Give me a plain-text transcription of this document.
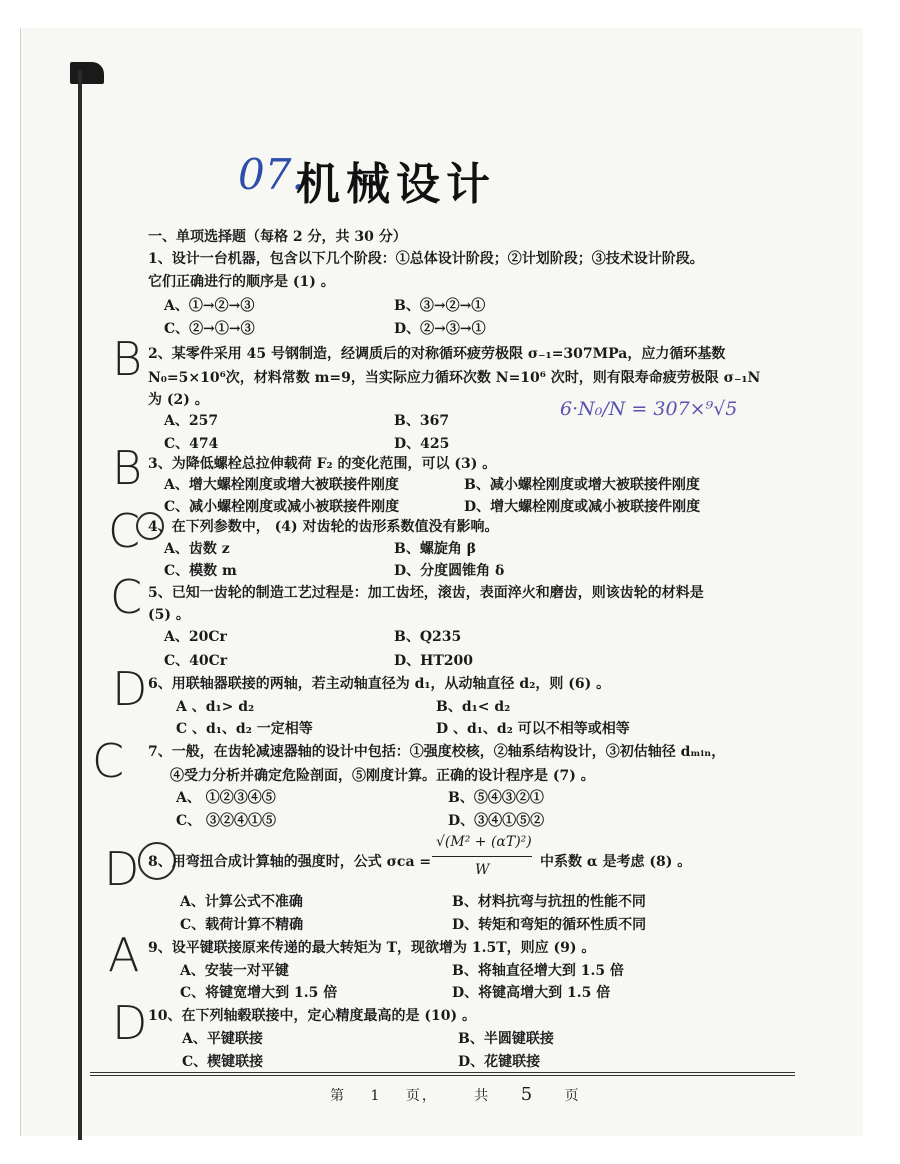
07.
机械设计
一、单项选择题（每格 2 分，共 30 分）
1、设计一台机器，包含以下几个阶段：①总体设计阶段；②计划阶段；③技术设计阶段。
它们正确进行的顺序是 (1) 。
A、①→②→③	B、③→②→①
C、②→①→③	D、②→③→①
B 2、某零件采用 45 号钢制造，经调质后的对称循环疲劳极限 σ₋₁=307MPa，应力循环基数
N₀=5×10⁶次，材料常数 m=9，当实际应力循环次数 N=10⁶ 次时，则有限寿命疲劳极限 σ₋₁N
为 (2) 。
A、257	B、367
C、474	D、425
6·N₀/N = 307×⁹√5
B 3、为降低螺栓总拉伸载荷 F₂ 的变化范围，可以 (3) 。
A、增大螺栓刚度或增大被联接件刚度	B、减小螺栓刚度或增大被联接件刚度
C、减小螺栓刚度或减小被联接件刚度	D、增大螺栓刚度或减小被联接件刚度
C 4、在下列参数中， (4) 对齿轮的齿形系数值没有影响。
A、齿数 z	B、螺旋角 β
C、模数 m	D、分度圆锥角 δ
C 5、已知一齿轮的制造工艺过程是：加工齿坯，滚齿，表面淬火和磨齿，则该齿轮的材料是
(5) 。
A、20Cr	B、Q235
C、40Cr	D、HT200
D 6、用联轴器联接的两轴，若主动轴直径为 d₁，从动轴直径 d₂，则 (6) 。
A 、d₁> d₂	B、d₁< d₂
C 、d₁、d₂ 一定相等	D 、d₁、d₂ 可以不相等或相等
C 7、一般，在齿轮减速器轴的设计中包括：①强度校核，②轴系结构设计，③初估轴径 dₘᵢₙ，
④受力分析并确定危险剖面，⑤刚度计算。正确的设计程序是 (7) 。
A、 ①②③④⑤	B、⑤④③②①
C、 ③②④①⑤	D、③④①⑤②
D 8、用弯扭合成计算轴的强度时，公式 σca =
√(M² + (αT)²)
W	中系数 α 是考虑 (8) 。
A、计算公式不准确	B、材料抗弯与抗扭的性能不同
C、载荷计算不精确	D、转矩和弯矩的循环性质不同
A 9、设平键联接原来传递的最大转矩为 T，现欲增为 1.5T，则应 (9) 。
A、安装一对平键	B、将轴直径增大到 1.5 倍
C、将键宽增大到 1.5 倍	D、将键高增大到 1.5 倍
D 10、在下列轴毂联接中，定心精度最高的是 (10) 。
A、平键联接	B、半圆键联接
C、楔键联接	D、花键联接
第 1 页，	共 5 页
